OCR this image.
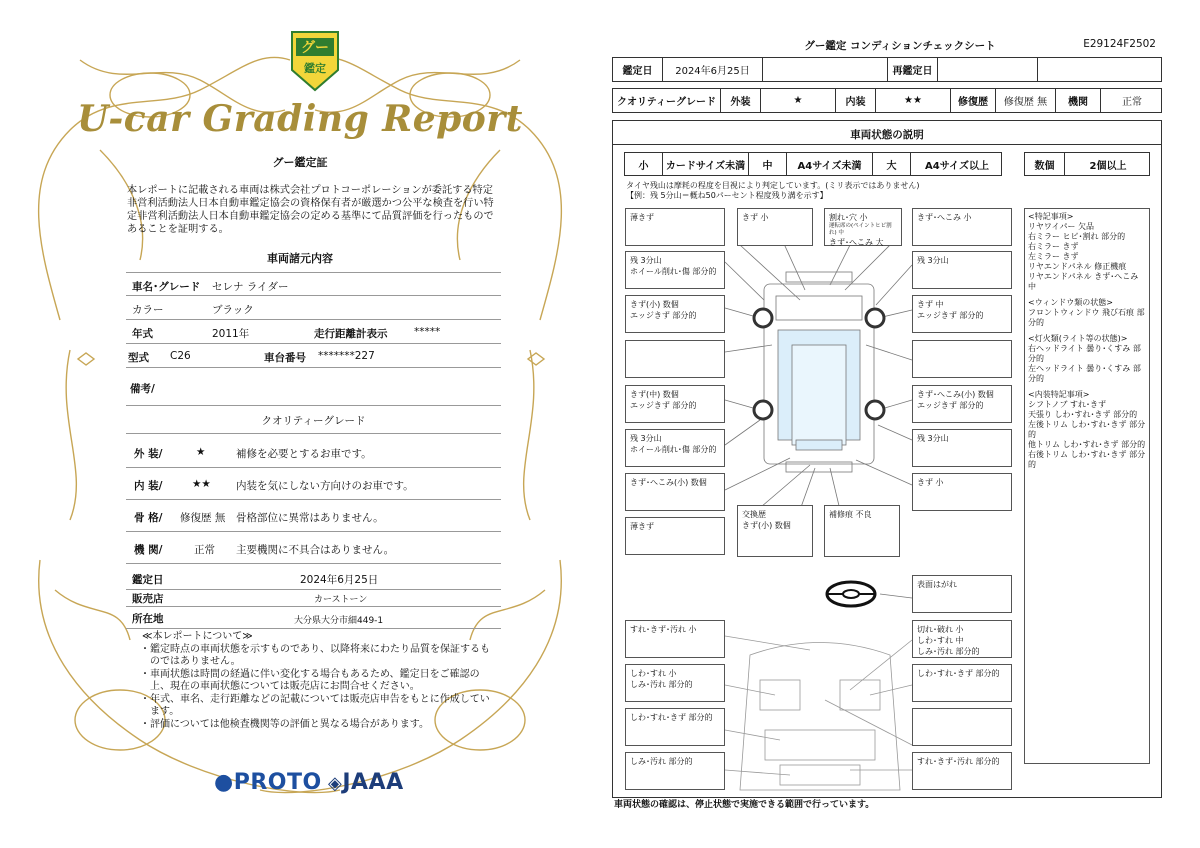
グー
鑑定
U-car Grading Report
グー鑑定証
本レポートに記載される車両は株式会社プロトコーポレーションが委託する特定非営利活動法人日本自動車鑑定協会の資格保有者が厳選かつ公平な検査を行い特定非営利活動法人日本自動車鑑定協会の定める基準にて品質評価を行ったものであることを証明する。
車両諸元内容
車名･グレード セレナ ライダー
カラー	ブラック
年式	2011年	走行距離計表示	*****
型式 C26	車台番号 *******227
備考/
クオリティーグレード
外 装/	★	補修を必要とするお車です。
内 装/	★★ 内装を気にしない方向けのお車です。
骨 格/ 修復歴 無 骨格部位に異常はありません。
機 関/	正常 主要機関に不具合はありません。
鑑定日	2024年6月25日
販売店	カーストーン
所在地	大分県大分市細449-1
≪本レポートについて≫
・鑑定時点の車両状態を示すものであり、以降将来にわたり品質を保証するものではありません。
・車両状態は時間の経過に伴い変化する場合もあるため、鑑定日をご確認の上、現在の車両状態については販売店にお問合せください。
・年式、車名、走行距離などの記載については販売店申告をもとに作成しています。
・評価については他検査機関等の評価と異なる場合があります。
●PROTO ◈JAAA
グー鑑定 コンディションチェックシート	E29124F2502
鑑定日	2024年6月25日	再鑑定日
クオリティーグレード	外装	★	内装	★★	修復歴	修復歴 無	機関	正常
車両状態の説明
小	カードサイズ未満	中	A4サイズ未満	大	A4サイズ以上	数個	2個以上
タイヤ残山は摩耗の程度を目視により判定しています。(ミリ表示ではありません)
【例：残 5分山＝概ね50パーセント程度残り溝を示す】
薄きず
残 3分山
ホイール削れ･傷 部分的
きず(小) 数個
エッジきず 部分的
きず(中) 数個
エッジきず 部分的
残 3分山
ホイール削れ･傷 部分的
きず･へこみ(小) 数個
薄きず
きず 小	割れ･穴 小
運転席の(ペイントヒビ割れ) 中
きず･へこみ 大
きず･へこみ 小
残 3分山
きず 中
エッジきず 部分的
きず･へこみ(小) 数個
エッジきず 部分的
残 3分山
きず 小
交換歴
きず(小) 数個
補修痕 不良
表面はがれ
すれ･きず･汚れ 小	切れ･破れ 小
しわ･すれ 中
しみ･汚れ 部分的
しわ･すれ 小
しみ･汚れ 部分的
しわ･すれ･きず 部分的
しわ･すれ･きず 部分的
しみ･汚れ 部分的	すれ･きず･汚れ 部分的
<特記事項>
リヤワイパー 欠品
右ミラー ヒビ･割れ 部分的
右ミラー きず
左ミラー きず
リヤエンドパネル 修正機痕
リヤエンドパネル きず･へこみ 中
<ウィンドウ類の状態>
フロントウィンドウ 飛び石痕 部分的
<灯火類(ライト等の状態)>
右ヘッドライト 曇り･くすみ 部分的
左ヘッドライト 曇り･くすみ 部分的
<内装特記事項>
シフトノブ すれ･きず
天張り しわ･すれ･きず 部分的
左後トリム しわ･すれ･きず 部分的
他トリム しわ･すれ･きず 部分的
右後トリム しわ･すれ･きず 部分的
車両状態の確認は、停止状態で実施できる範囲で行っています。
